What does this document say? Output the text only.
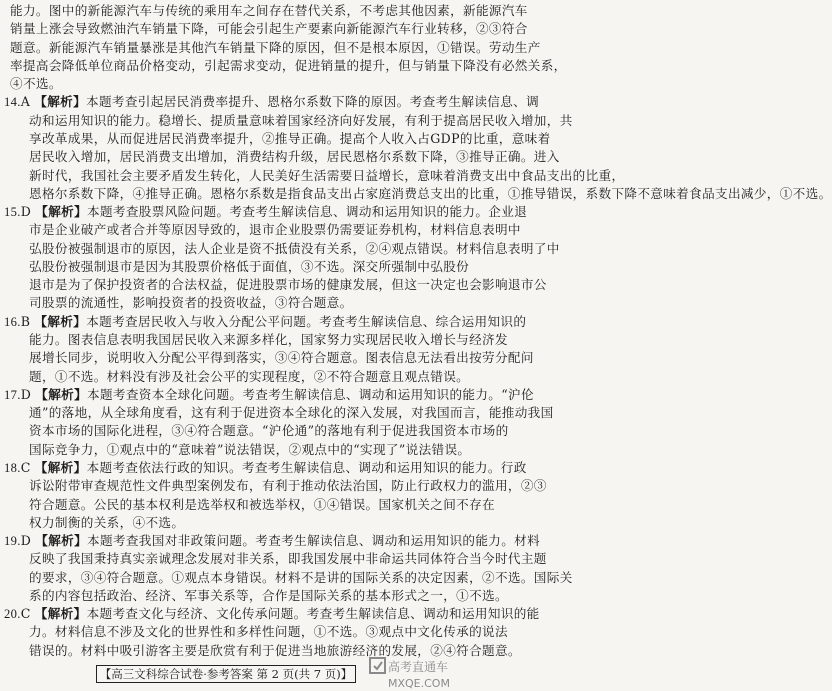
能力。图中的新能源汽车与传统的乘用车之间存在替代关系，不考虑其他因素，新能源汽车
销量上涨会导致燃油汽车销量下降，可能会引起生产要素向新能源汽车行业转移，②③符合
题意。新能源汽车销量暴涨是其他汽车销量下降的原因，但不是根本原因，①错误。劳动生产
率提高会降低单位商品价格变动，引起需求变动，促进销量的提升，但与销量下降没有必然关系，
④不选。
14.A 【解析】本题考查引起居民消费率提升、恩格尔系数下降的原因。考查考生解读信息、调
动和运用知识的能力。稳增长、提质量意味着国家经济向好发展，有利于提高居民收入增加，共
享改革成果，从而促进居民消费率提升，②推导正确。提高个人收入占GDP的比重，意味着
居民收入增加，居民消费支出增加，消费结构升级，居民恩格尔系数下降，③推导正确。进入
新时代，我国社会主要矛盾发生转化，人民美好生活需要日益增长，意味着消费支出中食品支出的比重，
恩格尔系数下降，④推导正确。恩格尔系数是指食品支出占家庭消费总支出的比重，①推导错误，系数下降不意味着食品支出减少，①不选。
15.D 【解析】本题考查股票风险问题。考查考生解读信息、调动和运用知识的能力。企业退
市是企业破产或者合并等原因导致的，退市企业股票仍需要证券机构，材料信息表明中
弘股份被强制退市的原因，法人企业是资不抵债没有关系，②④观点错误。材料信息表明了中
弘股份被强制退市是因为其股票价格低于面值，③不选。深交所强制中弘股份
退市是为了保护投资者的合法权益，促进股票市场的健康发展，但这一决定也会影响退市公
司股票的流通性，影响投资者的投资收益，③符合题意。
16.B 【解析】本题考查居民收入与收入分配公平问题。考查考生解读信息、综合运用知识的
能力。图表信息表明我国居民收入来源多样化，国家努力实现居民收入增长与经济发
展增长同步，说明收入分配公平得到落实，③④符合题意。图表信息无法看出按劳分配问
题，①不选。材料没有涉及社会公平的实现程度，②不符合题意且观点错误。
17.D 【解析】本题考查资本全球化问题。考查考生解读信息、调动和运用知识的能力。“沪伦
通”的落地，从全球角度看，这有利于促进资本全球化的深入发展，对我国而言，能推动我国
资本市场的国际化进程，③④符合题意。“沪伦通”的落地有利于促进我国资本市场的
国际竞争力，①观点中的“意味着”说法错误，②观点中的“实现了”说法错误。
18.C 【解析】本题考查依法行政的知识。考查考生解读信息、调动和运用知识的能力。行政
诉讼附带审查规范性文件典型案例发布，有利于推动依法治国，防止行政权力的滥用，②③
符合题意。公民的基本权利是选举权和被选举权，①④错误。国家机关之间不存在
权力制衡的关系，④不选。
19.D 【解析】本题考查我国对非政策问题。考查考生解读信息、调动和运用知识的能力。材料
反映了我国秉持真实亲诚理念发展对非关系，即我国发展中非命运共同体符合当今时代主题
的要求，③④符合题意。①观点本身错误。材料不是讲的国际关系的决定因素，②不选。国际关
系的内容包括政治、经济、军事关系等，合作是国际关系的基本形式之一，①不选。
20.C 【解析】本题考查文化与经济、文化传承问题。考查考生解读信息、调动和运用知识的能
力。材料信息不涉及文化的世界性和多样性问题，①不选。③观点中文化传承的说法
错误的。材料中吸引游客主要是欣赏有利于促进当地旅游经济的发展，②④符合题意。
【高三文科综合试卷·参考答案 第 2 页(共 7 页)】	高考直通车
MXQE.COM
